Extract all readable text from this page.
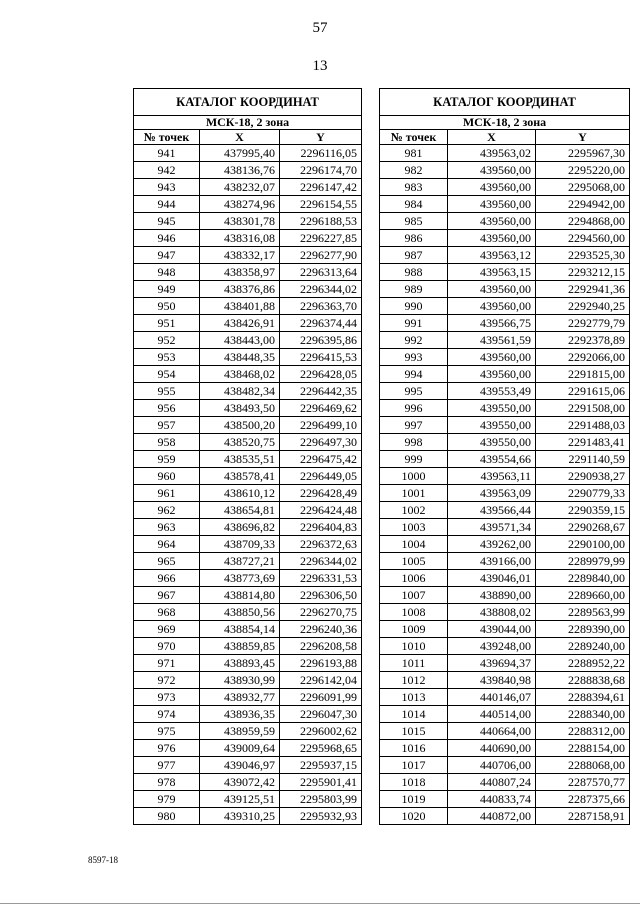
57
13
КАТАЛОГ КООРДИНАТ		
МСК-18, 2 зона		
№ точек	X	Y
941	437995,40	2296116,05
942	438136,76	2296174,70
943	438232,07	2296147,42
944	438274,96	2296154,55
945	438301,78	2296188,53
946	438316,08	2296227,85
947	438332,17	2296277,90
948	438358,97	2296313,64
949	438376,86	2296344,02
950	438401,88	2296363,70
951	438426,91	2296374,44
952	438443,00	2296395,86
953	438448,35	2296415,53
954	438468,02	2296428,05
955	438482,34	2296442,35
956	438493,50	2296469,62
957	438500,20	2296499,10
958	438520,75	2296497,30
959	438535,51	2296475,42
960	438578,41	2296449,05
961	438610,12	2296428,49
962	438654,81	2296424,48
963	438696,82	2296404,83
964	438709,33	2296372,63
965	438727,21	2296344,02
966	438773,69	2296331,53
967	438814,80	2296306,50
968	438850,56	2296270,75
969	438854,14	2296240,36
970	438859,85	2296208,58
971	438893,45	2296193,88
972	438930,99	2296142,04
973	438932,77	2296091,99
974	438936,35	2296047,30
975	438959,59	2296002,62
976	439009,64	2295968,65
977	439046,97	2295937,15
978	439072,42	2295901,41
979	439125,51	2295803,99
980	439310,25	2295932,93
КАТАЛОГ КООРДИНАТ		
МСК-18, 2 зона		
№ точек	X	Y
981	439563,02	2295967,30
982	439560,00	2295220,00
983	439560,00	2295068,00
984	439560,00	2294942,00
985	439560,00	2294868,00
986	439560,00	2294560,00
987	439563,12	2293525,30
988	439563,15	2293212,15
989	439560,00	2292941,36
990	439560,00	2292940,25
991	439566,75	2292779,79
992	439561,59	2292378,89
993	439560,00	2292066,00
994	439560,00	2291815,00
995	439553,49	2291615,06
996	439550,00	2291508,00
997	439550,00	2291488,03
998	439550,00	2291483,41
999	439554,66	2291140,59
1000	439563,11	2290938,27
1001	439563,09	2290779,33
1002	439566,44	2290359,15
1003	439571,34	2290268,67
1004	439262,00	2290100,00
1005	439166,00	2289979,99
1006	439046,01	2289840,00
1007	438890,00	2289660,00
1008	438808,02	2289563,99
1009	439044,00	2289390,00
1010	439248,00	2289240,00
1011	439694,37	2288952,22
1012	439840,98	2288838,68
1013	440146,07	2288394,61
1014	440514,00	2288340,00
1015	440664,00	2288312,00
1016	440690,00	2288154,00
1017	440706,00	2288068,00
1018	440807,24	2287570,77
1019	440833,74	2287375,66
1020	440872,00	2287158,91
8597-18
